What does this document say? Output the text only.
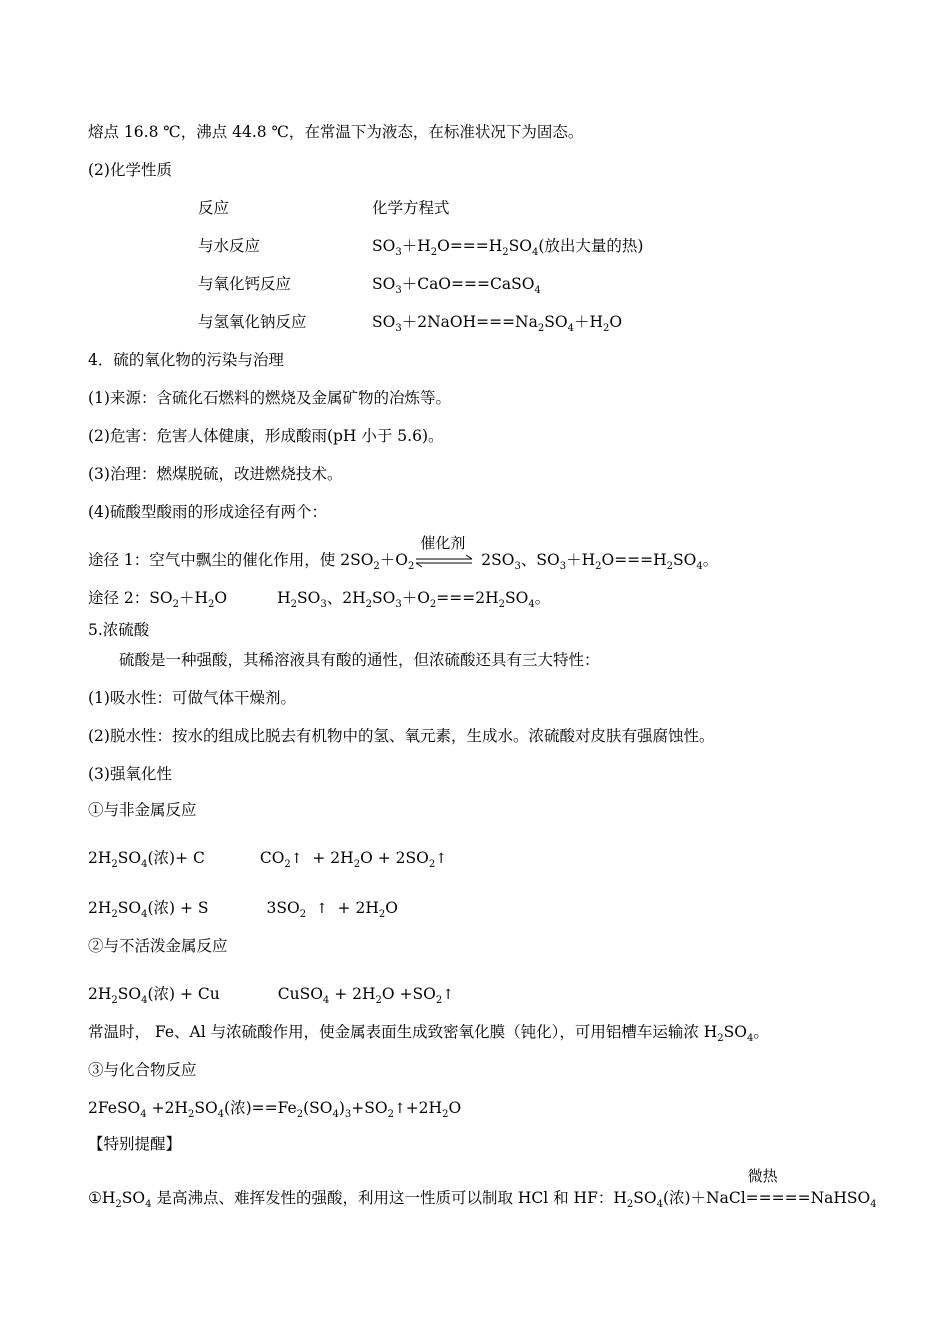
熔点 16.8 ℃，沸点 44.8 ℃，在常温下为液态，在标准状况下为固态。
(2)化学性质
反应	化学方程式
与水反应	$SO_3+H_2O===H_2SO_4$(放出大量的热)
与氧化钙反应	$SO_3+CaO===CaSO_4$
与氢氧化钠反应	$SO_3+2NaOH===Na_2SO_4+H_2O$
4．硫的氧化物的污染与治理
(1)来源：含硫化石燃料的燃烧及金属矿物的冶炼等。
(2)危害：危害人体健康，形成酸雨(pH 小于 5.6)。
(3)治理：燃煤脱硫，改进燃烧技术。
(4)硫酸型酸雨的形成途径有两个：
途径 1：空气中飘尘的催化作用，使 $2SO_2+O_2$
催化剂
$2SO_3$、$SO_3+H_2O===H_2SO_4$。
途径 2：$SO_2+H_2O$	$H_2SO_3$、$2H_2SO_3+O_2===2H_2SO_4$。
5.浓硫酸
硫酸是一种强酸，其稀溶液具有酸的通性，但浓硫酸还具有三大特性：
(1)吸水性：可做气体干燥剂。
(2)脱水性：按水的组成比脱去有机物中的氢、氧元素，生成水。浓硫酸对皮肤有强腐蚀性。
(3)强氧化性
①与非金属反应
$2H_2SO_4$(浓)+ C	$CO_2↑ + 2H_2O$ + $2SO_2↑$
$2H_2SO_4$(浓) + S	$3SO_2$ ↑  + $2H_2O$
②与不活泼金属反应
$2H_2SO_4$(浓) + Cu	CuSO$_4$ + $2H_2O$ $+SO_2↑$
常温时， Fe、Al 与浓硫酸作用，使金属表面生成致密氧化膜（钝化），可用铝槽车运输浓 $H_2SO_4$。
③与化合物反应
2FeSO$_4$ $+2H_2SO_4$(浓)$==Fe_2(SO_4)_3+SO_2↑+2H_2O$
【特别提醒】
$①H_2SO_4$ 是高沸点、难挥发性的强酸，利用这一性质可以制取 HCl 和 HF：$H_2SO_4$(浓)＋NaCl
微热
=====NaHSO$_4$
